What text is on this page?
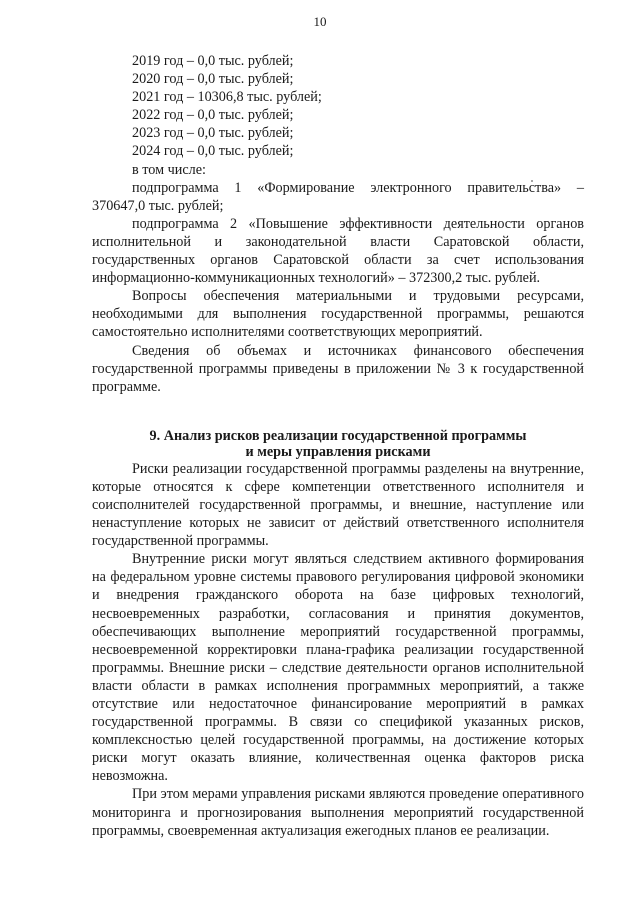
10
2019 год – 0,0 тыс. рублей;
2020 год – 0,0 тыс. рублей;
2021 год – 10306,8 тыс. рублей;
2022 год – 0,0 тыс. рублей;
2023 год – 0,0 тыс. рублей;
2024 год – 0,0 тыс. рублей;
в том числе:
подпрограмма 1 «Формирование электронного правительства» –
370647,0 тыс. рублей;
подпрограмма 2 «Повышение эффективности деятельности органов
исполнительной и законодательной власти Саратовской области,
государственных органов Саратовской области за счет использования
информационно-коммуникационных технологий» – 372300,2 тыс. рублей.
Вопросы обеспечения материальными и трудовыми ресурсами, необходимыми для выполнения государственной программы, решаются самостоятельно исполнителями соответствующих мероприятий.
Сведения об объемах и источниках финансового обеспечения государственной программы приведены в приложении № 3 к государственной программе.
9. Анализ рисков реализации государственной программы
и меры управления рисками
Риски реализации государственной программы разделены на внутренние, которые относятся к сфере компетенции ответственного исполнителя и соисполнителей государственной программы, и внешние, наступление или ненаступление которых не зависит от действий ответственного исполнителя государственной программы.
Внутренние риски могут являться следствием активного формирования на федеральном уровне системы правового регулирования цифровой экономики и внедрения гражданского оборота на базе цифровых технологий, несвоевременных разработки, согласования и принятия документов, обеспечивающих выполнение мероприятий государственной программы, несвоевременной корректировки плана-графика реализации государственной программы. Внешние риски – следствие деятельности органов исполнительной власти области в рамках исполнения программных мероприятий, а также отсутствие или недостаточное финансирование мероприятий в рамках государственной программы. В связи со спецификой указанных рисков, комплексностью целей государственной программы, на достижение которых риски могут оказать влияние, количественная оценка факторов риска невозможна.
При этом мерами управления рисками являются проведение оперативного мониторинга и прогнозирования выполнения мероприятий государственной программы, своевременная актуализация ежегодных планов ее реализации.
